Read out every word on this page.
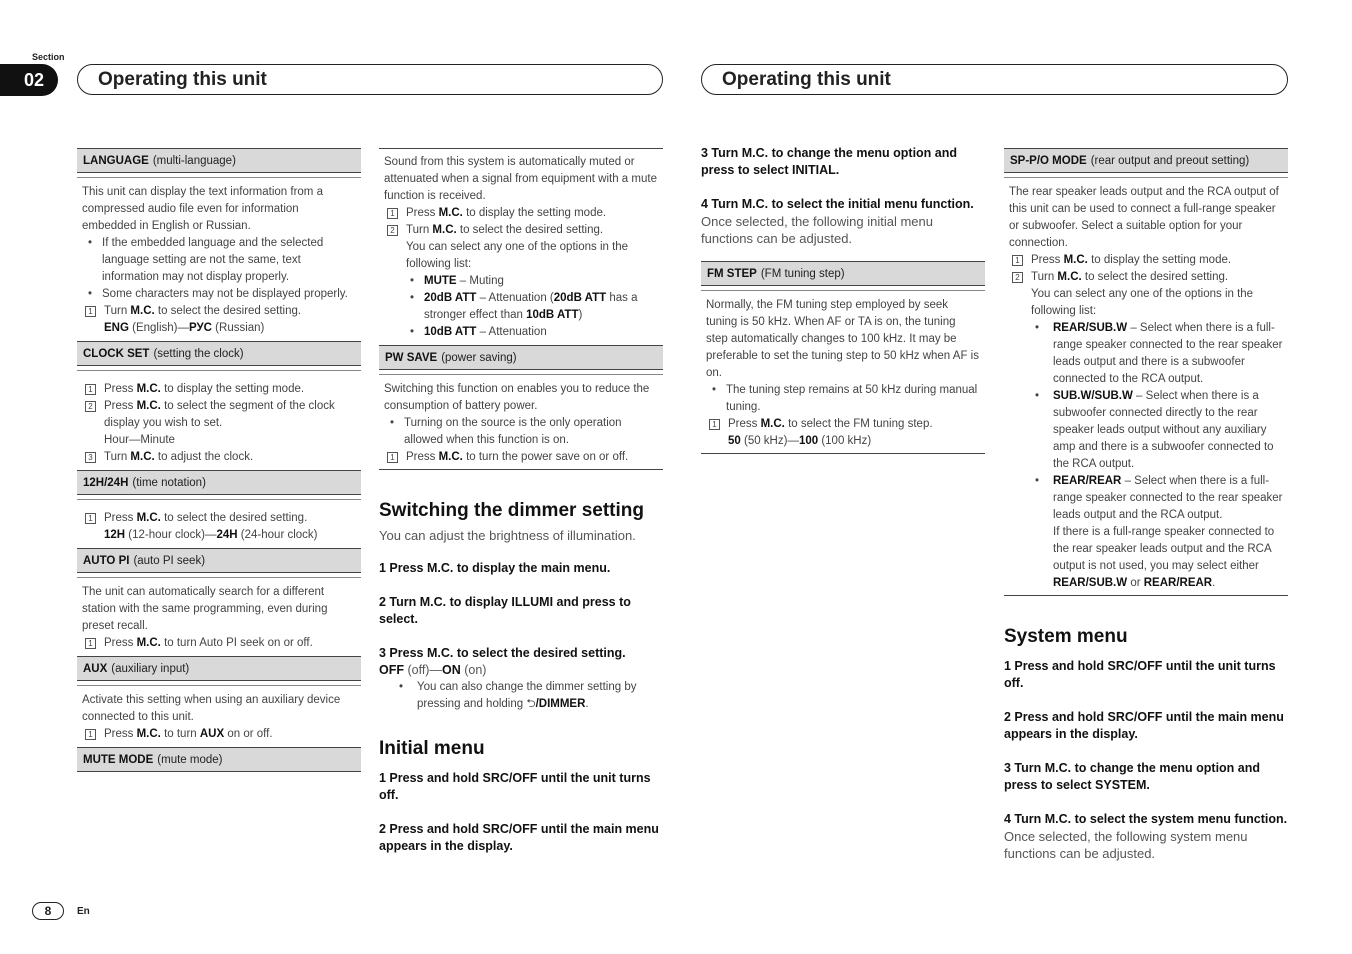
Section
02	Operating this unit	Operating this unit
LANGUAGE (multi-language)
This unit can display the text information from a compressed audio file even for information embedded in English or Russian.
• If the embedded language and the selected language setting are not the same, text information may not display properly.
• Some characters may not be displayed properly.
1 Turn M.C. to select the desired setting.
ENG (English)—РУС (Russian)
CLOCK SET (setting the clock)
1 Press M.C. to display the setting mode.
2 Press M.C. to select the segment of the clock display you wish to set.
Hour—Minute
3 Turn M.C. to adjust the clock.
12H/24H (time notation)
1 Press M.C. to select the desired setting.
12H (12-hour clock)—24H (24-hour clock)
AUTO PI (auto PI seek)
The unit can automatically search for a different station with the same programming, even during preset recall.
1 Press M.C. to turn Auto PI seek on or off.
AUX (auxiliary input)
Activate this setting when using an auxiliary device connected to this unit.
1 Press M.C. to turn AUX on or off.
MUTE MODE (mute mode)
Sound from this system is automatically muted or attenuated when a signal from equipment with a mute function is received.
1 Press M.C. to display the setting mode.
2 Turn M.C. to select the desired setting.
You can select any one of the options in the following list:
• MUTE – Muting
• 20dB ATT – Attenuation (20dB ATT has a stronger effect than 10dB ATT)
• 10dB ATT – Attenuation
PW SAVE (power saving)
Switching this function on enables you to reduce the consumption of battery power.
• Turning on the source is the only operation allowed when this function is on.
1 Press M.C. to turn the power save on or off.
Switching the dimmer setting
You can adjust the brightness of illumination.
1 Press M.C. to display the main menu.
2 Turn M.C. to display ILLUMI and press to select.
3 Press M.C. to select the desired setting.
OFF (off)—ON (on)
• You can also change the dimmer setting by pressing and holding ⮌/DIMMER.
Initial menu
1 Press and hold SRC/OFF until the unit turns off.
2 Press and hold SRC/OFF until the main menu appears in the display.
3 Turn M.C. to change the menu option and press to select INITIAL.
4 Turn M.C. to select the initial menu function.
Once selected, the following initial menu functions can be adjusted.
FM STEP (FM tuning step)
Normally, the FM tuning step employed by seek tuning is 50 kHz. When AF or TA is on, the tuning step automatically changes to 100 kHz. It may be preferable to set the tuning step to 50 kHz when AF is on.
• The tuning step remains at 50 kHz during manual tuning.
1 Press M.C. to select the FM tuning step.
50 (50 kHz)—100 (100 kHz)
SP-P/O MODE (rear output and preout setting)
The rear speaker leads output and the RCA output of this unit can be used to connect a full-range speaker or subwoofer. Select a suitable option for your connection.
1 Press M.C. to display the setting mode.
2 Turn M.C. to select the desired setting.
You can select any one of the options in the following list:
• REAR/SUB.W – Select when there is a full-range speaker connected to the rear speaker leads output and there is a subwoofer connected to the RCA output.
• SUB.W/SUB.W – Select when there is a subwoofer connected directly to the rear speaker leads output without any auxiliary amp and there is a subwoofer connected to the RCA output.
• REAR/REAR – Select when there is a full-range speaker connected to the rear speaker leads output and the RCA output.
If there is a full-range speaker connected to the rear speaker leads output and the RCA output is not used, you may select either REAR/SUB.W or REAR/REAR.
System menu
1 Press and hold SRC/OFF until the unit turns off.
2 Press and hold SRC/OFF until the main menu appears in the display.
3 Turn M.C. to change the menu option and press to select SYSTEM.
4 Turn M.C. to select the system menu function.
Once selected, the following system menu functions can be adjusted.
8	En
